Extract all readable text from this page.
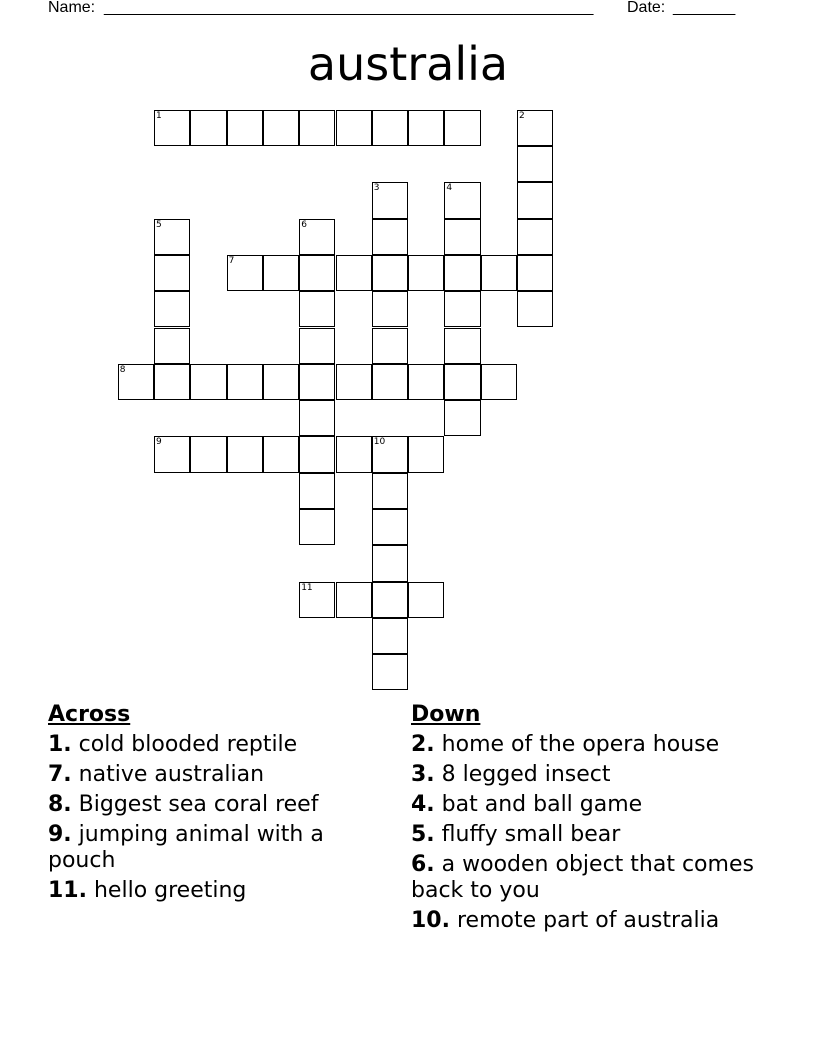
Name:

_______________________________________________________

Date:

_______

australia
1	2
3	4
5	6
7
8
9	10
11
Across
1. cold blooded reptile
7. native australian
8. Biggest sea coral reef
9. jumping animal with a pouch
11. hello greeting
Down
2. home of the opera house
3. 8 legged insect
4. bat and ball game
5. fluffy small bear
6. a wooden object that comes back to you
10. remote part of australia
